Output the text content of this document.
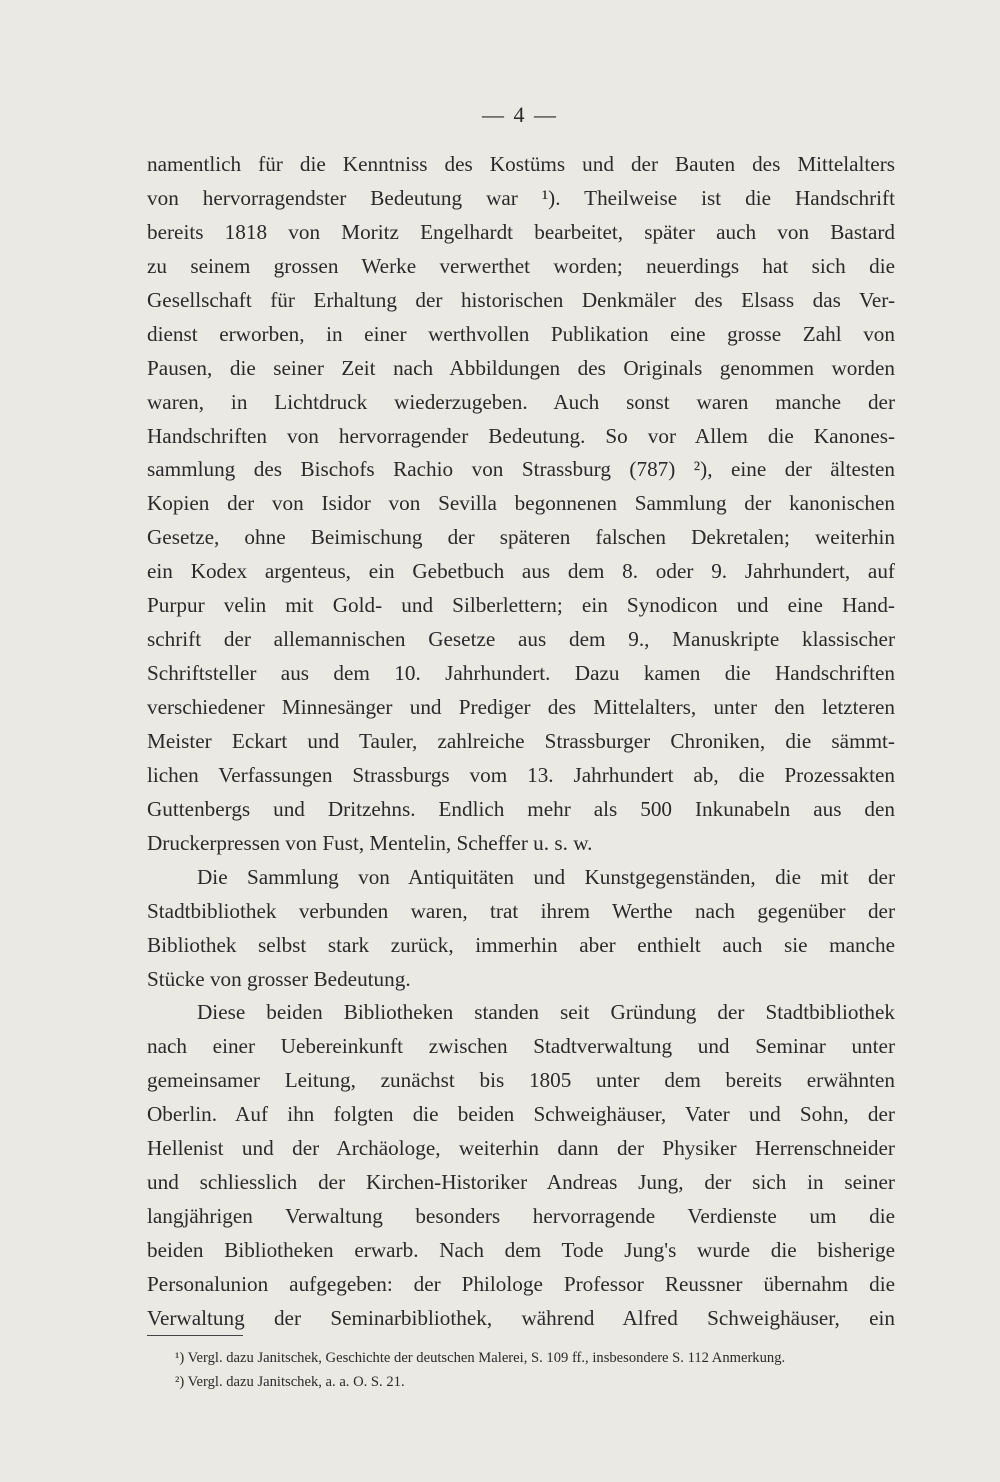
— 4 —
namentlich für die Kenntniss des Kostüms und der Bauten des Mittelalters
von hervorragendster Bedeutung war ¹). Theilweise ist die Handschrift
bereits 1818 von Moritz Engelhardt bearbeitet, später auch von Bastard
zu seinem grossen Werke verwerthet worden; neuerdings hat sich die
Gesellschaft für Erhaltung der historischen Denkmäler des Elsass das Ver-
dienst erworben, in einer werthvollen Publikation eine grosse Zahl von
Pausen, die seiner Zeit nach Abbildungen des Originals genommen worden
waren, in Lichtdruck wiederzugeben. Auch sonst waren manche der
Handschriften von hervorragender Bedeutung. So vor Allem die Kanones-
sammlung des Bischofs Rachio von Strassburg (787) ²), eine der ältesten
Kopien der von Isidor von Sevilla begonnenen Sammlung der kanonischen
Gesetze, ohne Beimischung der späteren falschen Dekretalen; weiterhin
ein Kodex argenteus, ein Gebetbuch aus dem 8. oder 9. Jahrhundert, auf
Purpur velin mit Gold- und Silberlettern; ein Synodicon und eine Hand-
schrift der allemannischen Gesetze aus dem 9., Manuskripte klassischer
Schriftsteller aus dem 10. Jahrhundert. Dazu kamen die Handschriften
verschiedener Minnesänger und Prediger des Mittelalters, unter den letzteren
Meister Eckart und Tauler, zahlreiche Strassburger Chroniken, die sämmt-
lichen Verfassungen Strassburgs vom 13. Jahrhundert ab, die Prozessakten
Guttenbergs und Dritzehns. Endlich mehr als 500 Inkunabeln aus den
Druckerpressen von Fust, Mentelin, Scheffer u. s. w.
Die Sammlung von Antiquitäten und Kunstgegenständen, die mit der
Stadtbibliothek verbunden waren, trat ihrem Werthe nach gegenüber der
Bibliothek selbst stark zurück, immerhin aber enthielt auch sie manche
Stücke von grosser Bedeutung.
Diese beiden Bibliotheken standen seit Gründung der Stadtbibliothek
nach einer Uebereinkunft zwischen Stadtverwaltung und Seminar unter
gemeinsamer Leitung, zunächst bis 1805 unter dem bereits erwähnten
Oberlin. Auf ihn folgten die beiden Schweighäuser, Vater und Sohn, der
Hellenist und der Archäologe, weiterhin dann der Physiker Herrenschneider
und schliesslich der Kirchen-Historiker Andreas Jung, der sich in seiner
langjährigen Verwaltung besonders hervorragende Verdienste um die
beiden Bibliotheken erwarb. Nach dem Tode Jung's wurde die bisherige
Personalunion aufgegeben: der Philologe Professor Reussner übernahm die
Verwaltung der Seminarbibliothek, während Alfred Schweighäuser, ein
¹) Vergl. dazu Janitschek, Geschichte der deutschen Malerei, S. 109 ff., insbesondere S. 112 Anmerkung.
²) Vergl. dazu Janitschek, a. a. O. S. 21.
